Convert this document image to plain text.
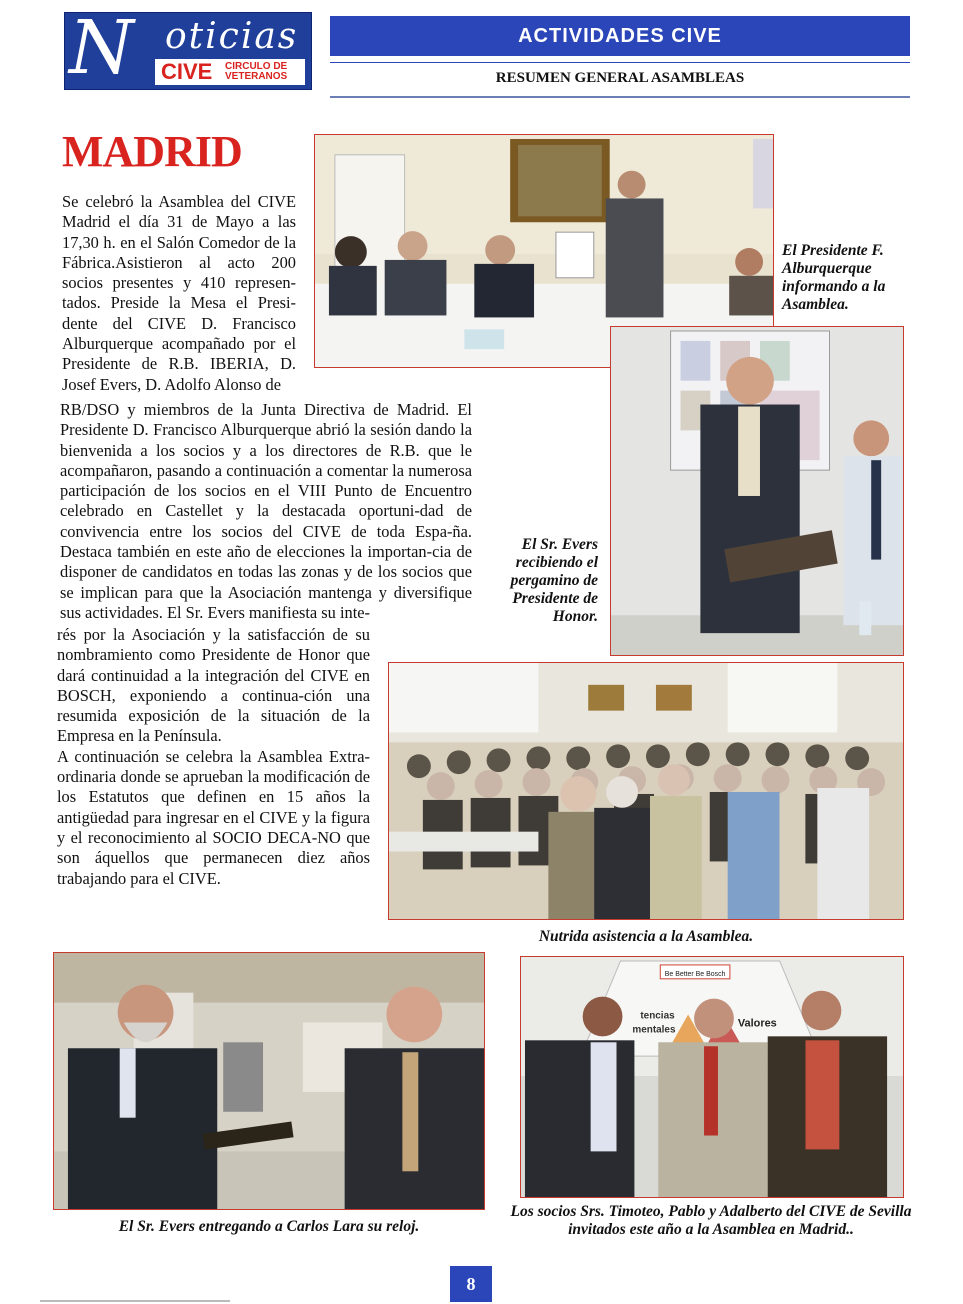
N oticias
CIVE CIRCULO DE
VETERANOS
ACTIVIDADES CIVE
RESUMEN GENERAL ASAMBLEAS
MADRID

Se celebró la Asamblea del CIVE Madrid el día 31 de Mayo a las 17,30 h. en el Salón Comedor de la Fábrica.Asistieron al acto 200 socios presentes y 410 represen-tados. Preside la Mesa el Presi-dente del CIVE D. Francisco Alburquerque acompañado por el Presidente de R.B. IBERIA, D. Josef Evers, D. Adolfo Alonso de

RB/DSO y miembros de la Junta Directiva de Madrid. El Presidente D. Francisco Alburquerque abrió la sesión dando la bienvenida a los socios y a los directores de R.B. que le acompañaron, pasando a continuación a comentar la numerosa participación de los socios en el VIII Punto de Encuentro celebrado en Castellet y la destacada oportuni-dad de convivencia entre los socios del CIVE de toda Espa-ña. Destaca también en este año de elecciones la importan-cia de disponer de candidatos en todas las zonas y de los socios que se implican para que la Asociación mantenga y diversifique sus actividades. El Sr. Evers manifiesta su inte-

rés por la Asociación y la satisfacción de su nombramiento como Presidente de Honor que dará continuidad a la integración del CIVE en BOSCH, exponiendo a continua-ción una resumida exposición de la situación de la Empresa en la Península.

A continuación se celebra la Asamblea Extra-ordinaria donde se aprueban la modificación de los Estatutos que definen en 15 años la antigüedad para ingresar en el CIVE y la figura y el reconocimiento al SOCIO DECA-NO que son áquellos que permanecen diez años trabajando para el CIVE.

Be Better Be Bosch
tencias
mentales
Valores
El Presidente F. Alburquerque informando a la Asamblea.
El Sr. Evers recibiendo el pergamino de Presidente de Honor.
Nutrida asistencia a la Asamblea.
El Sr. Evers entregando a Carlos Lara su reloj.
Los socios Srs. Timoteo, Pablo y Adalberto del CIVE de Sevilla invitados este año a la Asamblea en Madrid..
8
